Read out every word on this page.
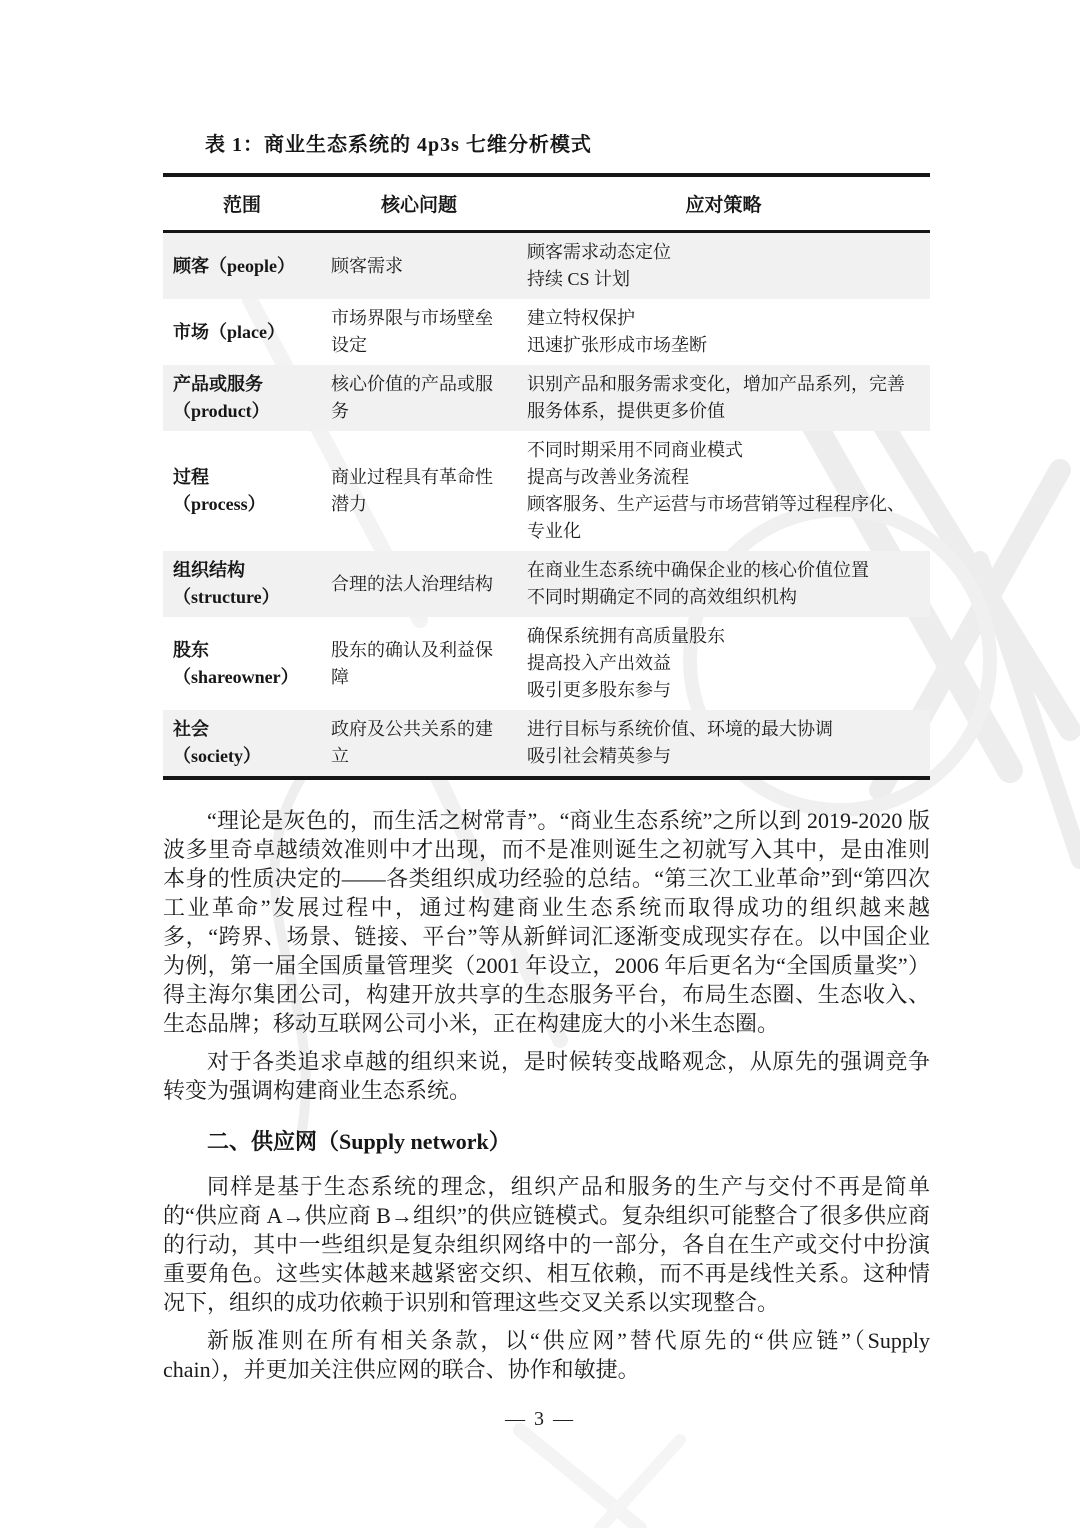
表 1：商业生态系统的 4p3s 七维分析模式
范围	核心问题	应对策略

顾客（people）	顾客需求	顾客需求动态定位
持续 CS 计划

市场（place）	市场界限与市场壁垒设定	建立特权保护
迅速扩张形成市场垄断

产品或服务
（product）	核心价值的产品或服务	识别产品和服务需求变化，增加产品系列，完善服务体系，提供更多价值

过程
（process）
	商业过程具有革命性潜力	
不同时期采用不同商业模式
提高与改善业务流程
顾客服务、生产运营与市场营销等过程程序化、专业化

组织结构
（structure）
	合理的法人治理结构	
在商业生态系统中确保企业的核心价值位置
不同时期确定不同的高效组织机构

股东
（shareowner）
	股东的确认及利益保障	
确保系统拥有高质量股东
提高投入产出效益
吸引更多股东参与

社会
（society）
	政府及公共关系的建立	
进行目标与系统价值、环境的最大协调
吸引社会精英参与

“理论是灰色的，而生活之树常青”。“商业生态系统”之所以到 2019-2020 版波多里奇卓越绩效准则中才出现，而不是准则诞生之初就写入其中，是由准则本身的性质决定的——各类组织成功经验的总结。“第三次工业革命”到“第四次工业革命”发展过程中，通过构建商业生态系统而取得成功的组织越来越多，“跨界、场景、链接、平台”等从新鲜词汇逐渐变成现实存在。以中国企业为例，第一届全国质量管理奖（2001 年设立，2006 年后更名为“全国质量奖”）得主海尔集团公司，构建开放共享的生态服务平台，布局生态圈、生态收入、生态品牌；移动互联网公司小米，正在构建庞大的小米生态圈。

对于各类追求卓越的组织来说，是时候转变战略观念，从原先的强调竞争转变为强调构建商业生态系统。

二、供应网（Supply network）

同样是基于生态系统的理念，组织产品和服务的生产与交付不再是简单的“供应商 A→供应商 B→组织”的供应链模式。复杂组织可能整合了很多供应商的行动，其中一些组织是复杂组织网络中的一部分，各自在生产或交付中扮演重要角色。这些实体越来越紧密交织、相互依赖，而不再是线性关系。这种情况下，组织的成功依赖于识别和管理这些交叉关系以实现整合。

新版准则在所有相关条款，以“供应网”替代原先的“供应链”（Supply chain），并更加关注供应网的联合、协作和敏捷。

— 3 —
